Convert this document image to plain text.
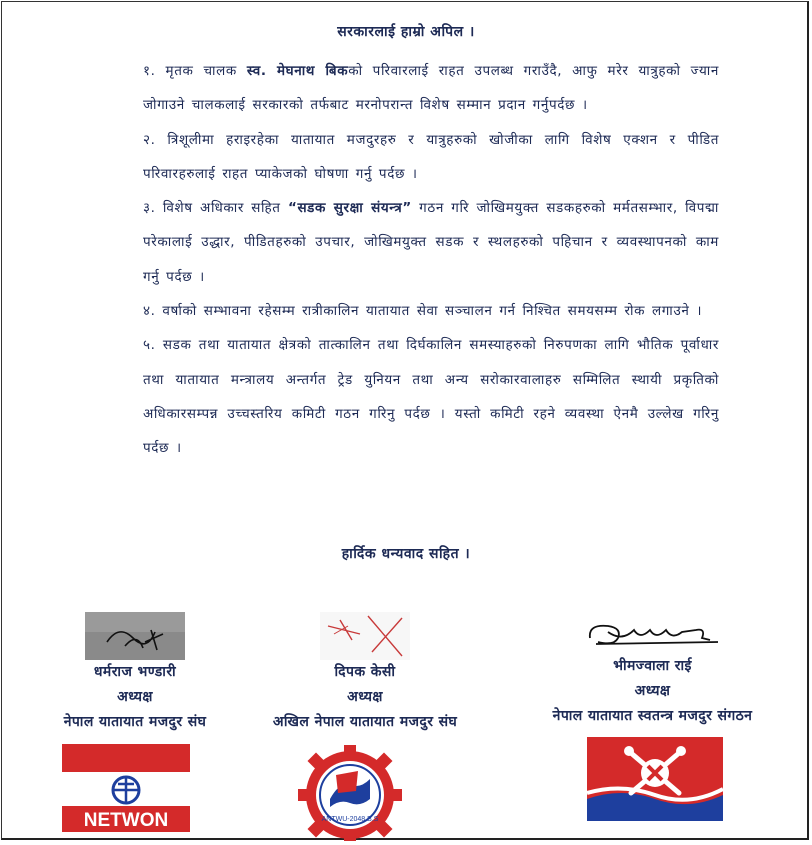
सरकारलाई हाम्रो अपिल ।

१. मृतक चालक स्व. मेघनाथ बिकको परिवारलाई राहत उपलब्ध गराउँदै, आफु मरेर यात्रुहको ज्यान जोगाउने चालकलाई सरकारको तर्फबाट मरनोपरान्त विशेष सम्मान प्रदान गर्नुपर्दछ ।

२. त्रिशूलीमा हराइरहेका यातायात मजदुरहरु र यात्रुहरुको खोजीका लागि विशेष एक्शन र पीडित परिवारहरुलाई राहत प्याकेजको घोषणा गर्नु पर्दछ ।

३. विशेष अधिकार सहित “सडक सुरक्षा संयन्त्र” गठन गरि जोखिमयुक्त सडकहरुको मर्मतसम्भार, विपद्मा परेकालाई उद्धार, पीडितहरुको उपचार, जोखिमयुक्त सडक र स्थलहरुको पहिचान र व्यवस्थापनको काम गर्नु पर्दछ ।

४. वर्षाको सम्भावना रहेसम्म रात्रीकालिन यातायात सेवा सञ्चालन गर्न निश्चित समयसम्म रोक लगाउने ।

५. सडक तथा यातायात क्षेत्रको तात्कालिन तथा दिर्घकालिन समस्याहरुको निरुपणका लागि भौतिक पूर्वाधार तथा यातायात मन्त्रालय अन्तर्गत ट्रेड युनियन तथा अन्य सरोकारवालाहरु सम्मिलित स्थायी प्रकृतिको अधिकारसम्पन्न उच्चस्तरिय कमिटी गठन गरिनु पर्दछ । यस्तो कमिटी रहने व्यवस्था ऐनमै उल्लेख गरिनु पर्दछ ।

हार्दिक धन्यवाद सहित ।
धर्मराज भण्डारी
अध्यक्ष
नेपाल यातायात मजदुर संघ
दिपक केसी
अध्यक्ष
अखिल नेपाल यातायात मजदुर संघ
भीमज्वाला राई
अध्यक्ष
नेपाल यातायात स्वतन्त्र मजदुर संगठन
NETWON	ANTWU-2048 B.S
